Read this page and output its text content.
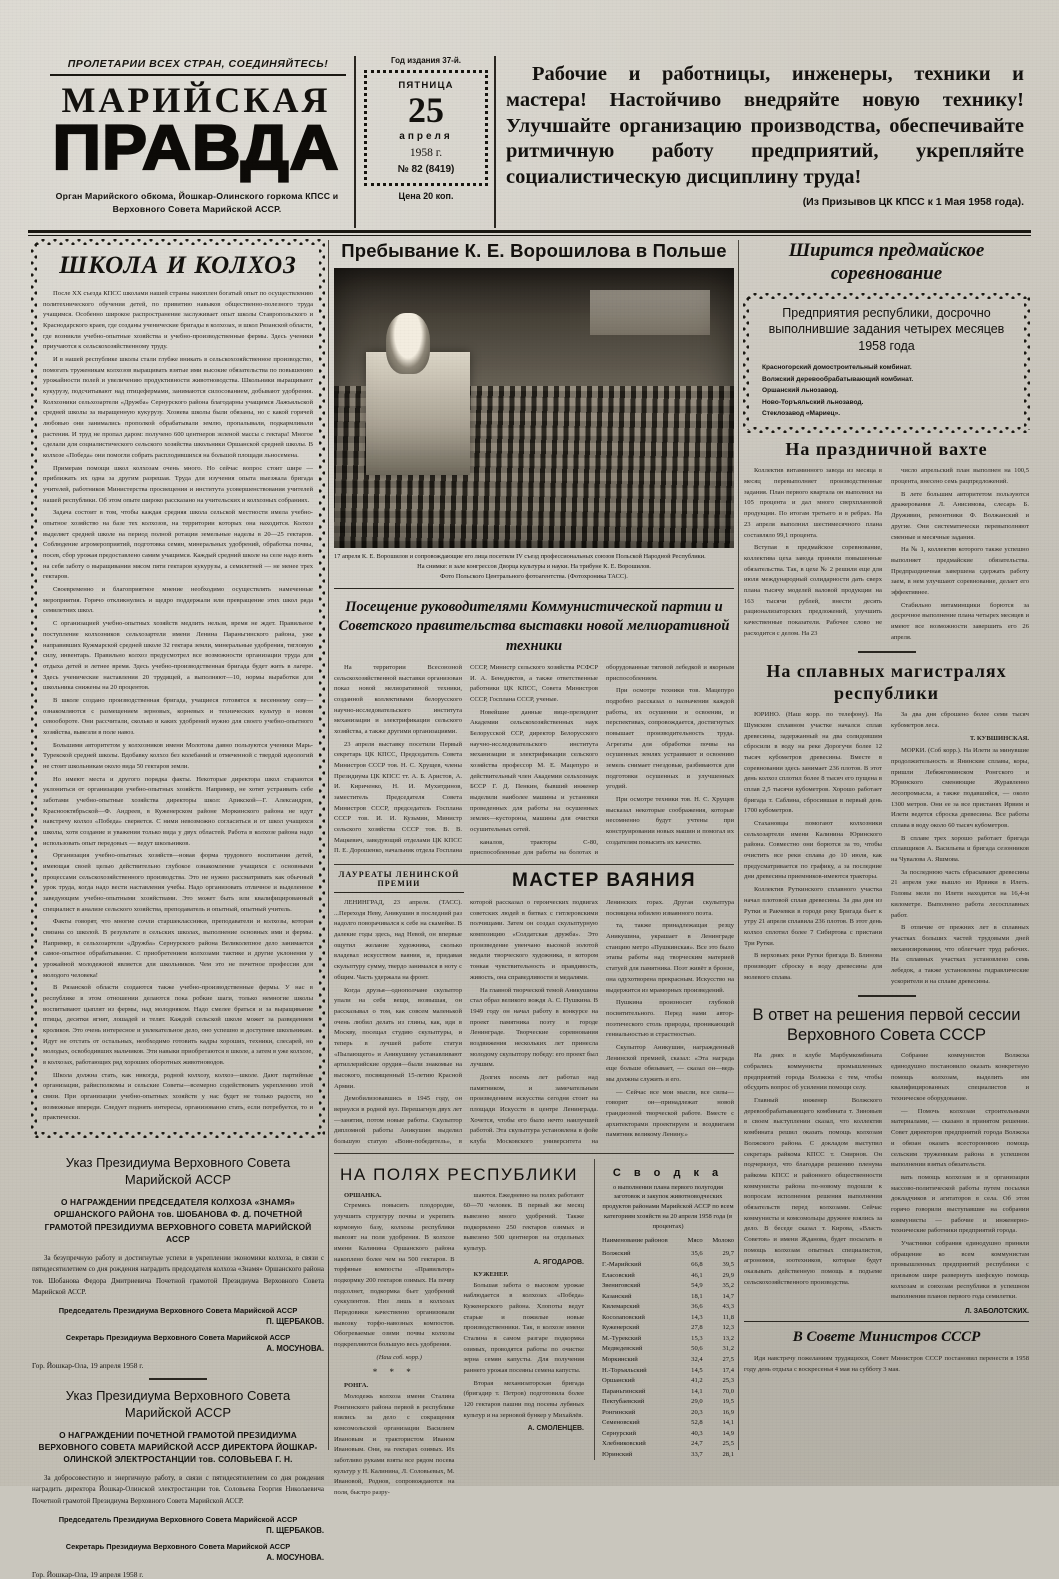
ПРОЛЕТАРИИ ВСЕХ СТРАН, СОЕДИНЯЙТЕСЬ!
МАРИЙСКАЯ
ПРАВДА
Орган Марийского обкома, Йошкар-Олинского горкома КПСС и Верховного Совета Марийской АССР.
Год издания 37-й.
ПЯТНИЦА
25
апреля
1958 г.
№ 82 (8419)
Цена 20 коп.
Рабочие и работницы, инженеры, техники и мастера! Настойчиво внедряйте новую технику! Улучшайте организацию производства, обеспечивайте ритмичную работу предприятий, укрепляйте социалистическую дисциплину труда!
(Из Призывов ЦК КПСС к 1 Мая 1958 года).
ШКОЛА И КОЛХОЗ

После XX съезда КПСС школами нашей страны накоплен богатый опыт по осуществлению политехнического обучения детей, по привитию навыков общественно-полезного труда учащимся. Особенно широкое распространение заслуживает опыт школы Ставропольского и Краснодарского краев, где созданы ученические бригады в колхозах, и школ Рязанской области, где возникли учебно-опытные хозяйства и учебно-производственные фермы. Здесь ученики приучаются к сельскохозяйственному труду.

И в нашей республике школы стали глубже вникать в сельскохозяйственное производство, помогать труженикам колхозов выращивать взятые ими высокие обязательства по повышению урожайности полей и увеличению продуктивности животноводства. Школьники выращивают кукурузу, подсчитывают над птицефермами, занимаются силосованием, добывают удобрения. Колхозники сельхозартели «Дружба» Сернурского района благодарны учащимся Лажъяльской средней школы за выращенную кукурузу. Хозяева школы были обязаны, но с какой горячей любовью они занимались прополкой обрабатывали землю, пропалывали, подкармливали растения. И труд не пропал даром: получено 600 центнеров зеленой массы с гектара! Многое сделали для социалистического сельского хозяйства школьники Оршанской средней школы. В колхозе «Победа» они помогли собрать расплодившихся на большой площади льносемена.

Примерам помощи школ колхозам очень много. Но сейчас вопрос стоит шире — приближать их одна за другим разрешая. Труда для изучения опыта выезжала бригада учителей, работников Министерства просвещения и института усовершенствования учителей нашей республики. Об этом опыте широко рассказано на учительских и колхозных собраниях.

Задача состоит в том, чтобы каждая средняя школа сельской местности имела учебно-опытное хозяйство на базе тех колхозов, на территории которых она находится. Колхоз выделяет средней школе на период полной ротации земельные наделы в 20—25 гектаров. Соблюдение агромероприятий, подготовка семян, минеральных удобрений, обработка почвы, посев, сбор урожая предоставлено самим учащимся. Каждый средний школе на селе надо взять на себя заботу о выращивании мясом пяти гектаров кукурузы, а семилетней — не менее трех гектаров.

Своевременно и благоприятное мнение необходимо осуществлять намеченные мероприятия. Горячо откликнулись и щедро поддержали или превращение этих школ ряда семилетних школ.

С организацией учебно-опытных хозяйств медлить нельзя, время не ждет. Правильное поступление колхозников сельхозартели имени Ленина Параньгинского района, уже направивших Кужмарской средней школе 32 гектара земли, минеральные удобрения, тягловую силу, инвентарь. Правильно колхоз предусмотрел все возможности организации труда для отдыха детей и летнее время. Здесь учебно-производственная бригада будет жить в лагере. Здесь ученические наставления 20 трудящей, а выполняют—10, нормы выработки для школьника снижены на 20 процентов.

В школе создано производственная бригада, учащиеся готовятся к весеннему севу—ознакомляются с размещением зерновых, корневых и технических культур в новом севообороте. Они рассчитали, сколько и каких удобрений нужно для своего учебно-опытного хозяйства, вывезли в поле навоз.

Большими авторитетом у колхозников имени Молотова давно пользуются ученики Марь-Турекской средней школы. Вдобавку колхоз без колебаний и отмеченной с твердой идеологий не стоит школьникам около вида 50 гектаров земли.

Но имеют места и другого порядка факты. Некоторые директора школ стараются уклониться от организации учебно-опытных хозяйств. Например, не хотят устраивать себе заботами учебно-опытные хозяйства директоры школ: Арикской—Г. Александров, Краснооктябрьской—Ф. Андреев, в Куженерском районе Моркинского района не идут навстречу колхоз «Победа» сверяется. С ними невозможно согласиться и от школ учащихся школы, хотя создание и уважения только вида у двух областей. Работа в колхозе района надо использовать опыт передовых — ведут школьников.

Организация учебно-опытных хозяйств—новая форма трудового воспитания детей, имеющая своей целью действительно глубокое ознакомление учащихся с основными процессами сельскохозяйственного производства. Это не нужно рассматривать как обычный урок труда, когда надо вести наставления учебы. Надо организовать отличное и выделенное заведующим учебно-опытными хозяйствами. Это может быть или квалифицированный специалист в анализе сельского хозяйства, преподаватель и опытный, опытный учитель.

Факты говорят, что многие сочли старшеклассники, преподаватели и колхозы, которая связана со школой. В результате в сельских школах, выполнение основных ими и фермы. Например, в сельхозартели «Дружба» Сернурского района Великолепное дело занимается самое-опытное обрабатывание. С приобретением колхозами тактике и другие уклонения у урожайной молодежной является для школьников. Чем это не почетное профессия для молодого человека!

В Рязанской области создаются также учебно-производственные фермы. У нас в республике в этом отношении делаются пока робкие шаги, только немногие школы воспитывают цыплят из фермы, над молодняком. Надо смелее браться и за выращивание птицы, десятки ягнят, лошадей и телят. Каждой сельской школе может за разведением кроликов. Это очень интересное и увлекательное дело, оно успешно и доступнее школьникам. Идут не отстать от остальных, необходимо готовить кадры хороших, техники, слесарей, но молодых, освободивших мальчиков. Эти навыки приобретаются в школе, а затем в уже колхозе, в колхозах, работающих ряд хороших оборотных животноводов.

Школа должна стать, как никогда, родной колхозу, колхоз—школе. Дают партийные организации, райисполкомы и сельские Советы—всемерно содействовать укреплению этой связи. При организации учебно-опытных хозяйств у нас будет не только радости, но возможные впереди. Следует поднять интересы, организованно стать, если потребуется, то и практически.

Указ Президиума Верховного Совета Марийской АССР
О НАГРАЖДЕНИИ ПРЕДСЕДАТЕЛЯ КОЛХОЗА «ЗНАМЯ» ОРШАНСКОГО РАЙОНА тов. ШОБАНОВА Ф. Д. ПОЧЕТНОЙ ГРАМОТОЙ ПРЕЗИДИУМА ВЕРХОВНОГО СОВЕТА МАРИЙСКОЙ АССР
За безупречную работу и достигнутые успехи в укреплении экономики колхоза, в связи с пятидесятилетием со дня рождения наградить председателя колхоза «Знамя» Оршанского района тов. Шобанова Федора Дмитриевича Почетной грамотой Президиума Верховного Совета Марийской АССР.
Председатель Президиума Верховного Совета Марийской АССР
П. ЩЕРБАКОВ.
Секретарь Президиума Верховного Совета Марийской АССР
А. МОСУНОВА.
Гор. Йошкар-Ола, 19 апреля 1958 г.
Указ Президиума Верховного Совета Марийской АССР
О НАГРАЖДЕНИИ ПОЧЕТНОЙ ГРАМОТОЙ ПРЕЗИДИУМА ВЕРХОВНОГО СОВЕТА МАРИЙСКОЙ АССР ДИРЕКТОРА ЙОШКАР-ОЛИНСКОЙ ЭЛЕКТРОСТАНЦИИ тов. СОЛОВЬЕВА Г. Н.
За добросовестную и энергичную работу, в связи с пятидесятилетием со дня рождения наградить директора Йошкар-Олинской электростанции тов. Соловьева Георгия Николаевича Почетной грамотой Президиума Верховного Совета Марийской АССР.
Председатель Президиума Верховного Совета Марийской АССР
П. ЩЕРБАКОВ.
Секретарь Президиума Верховного Совета Марийской АССР
А. МОСУНОВА.
Гор. Йошкар-Ола, 19 апреля 1958 г.
Пребывание К. Е. Ворошилова в Польше
17 апреля К. Е. Ворошилов и сопровождающие его лица посетили IV съезд профессиональных союзов Польской Народной Республики.
На снимке: в зале конгрессов Дворца культуры и науки. На трибуне К. Е. Ворошилов.
Фото Польского Центрального фотоагентства. (Фотохроника ТАСС).
Посещение руководителями Коммунистической партии и Советского правительства выставки новой мелиоративной техники

На территории Всесоюзной сельскохозяйственной выставки организован показ новой мелиоративной техники, созданной коллективами белорусского научно-исследовательского института механизации и электрификации сельского хозяйства, а также другими организациями.

23 апреля выставку посетили Первый секретарь ЦК КПСС, Председатель Совета Министров СССР тов. Н. С. Хрущев, члены Президиума ЦК КПСС тт. А. Б. Аристов, А. И. Кириченко, Н. И. Мухитдинов, заместитель Председателя Совета Министров СССР, председатель Госплана СССР тов. И. И. Кузьмин, Министр сельского хозяйства СССР тов. В. В. Мацкевич, заведующий отделами ЦК КПСС П. Е. Дорошенко, начальник отдела Госплана СССР, Министр сельского хозяйства РСФСР И. А. Бенедиктов, а также ответственные работники ЦК КПСС, Совета Министров СССР, Госплана СССР, ученые.

Новейшие данные вице-президент Академии сельскохозяйственных наук Белорусской ССР, директор Белорусского научно-исследовательского института механизации и электрификации сельского хозяйства профессор М. Е. Мацепуро и действительный член Академии сельхознаук БССР Г. Д. Пенкин, бывший инженер выделили наиболее машины и установки проведенных для работы на осушенных землях—кустороны, машины для очистки осушительных сетей.

каналов, тракторы С-80, приспособленные для работы на болотах и оборудованные тяговой лебедкой и якорным приспособлением.

При осмотре техники тов. Мацепуро подробно рассказал о назначении каждой работы, их осушении и освоении, и перспективах, сопровождается, достигнутых повышает производительность труда. Агрегаты для обработки почвы на осушенных землях устраивают и освоению земель снимает гнездовые, разбиваются для подготовки осушенных и улучшенных угодий.

При осмотре техники тов. Н. С. Хрущев высказал некоторые соображения, которые несомненно будут учтены при конструировании новых машин и помогал их создателям повысить их качество.

ЛАУРЕАТЫ ЛЕНИНСКОЙ ПРЕМИИ	МАСТЕР ВАЯНИЯ

ЛЕНИНГРАД, 23 апреля. (ТАСС). ...Переходя Неву, Аникушин в последний раз надолго поворачивался к себе на скамейке. В далекие годы здесь, над Невой, он впервые ощутил желание художника, сколько владевал искусством ваяния, и, придавая скульптуру сумму, твердо занимался в ноту с общим. Часть удержала на фронт.

Когда друзья—однополчане скульптор упали на себя вещи, возвышая, он рассказывал о том, как совсем маленькой очень любил делать из глины, как, идя в Москву, посещал студию скульптуры, и теперь в лучшей работе статуи «Пылающего» и Аникушину устанавливают артиллерийские орудия—были знакомые на высокого, посвященный 15-летию Красной Армии.

Демобилизовавшись в 1945 году, он вернулся в родной вуз. Перешагнув двух лет—занятия, потом новые работы. Скульптор дипломной работы Аникушин выделил большую статую «Воин-победитель», в которой рассказал о героических подвигах советских людей в битвах с гитлеровскими полчищами. Затем он создал скульптурную композицию «Солдатская дружба». Это произведение увенчано высокой золотой медали творческого художника, в котором тонкая чувствительность и правдивость, живость, она справедливости и медалями.

На главной творческой темой Аникушина стал образ великого вождя А. С. Пушкина. В 1949 году он начал работу в конкурсе на проект памятника поэту в городе Ленинграде. Творческие соревнования воздвижения нескольких лет принесла молодому скульптору победу: его проект был лучшим.

Долгих восемь лет работал над памятником, и замечательным произведением искусства сегодня стоит на площади Искусств в центре Ленинграда. Хочется, чтобы его было нечто наилучшей работой. Эта скульптура установлена в фойе клуба Московского университета на Ленинских горах. Другая скульптура посвящена юбилею изваянного поэта.

та, также принадлежащая резцу Аникушина, украшает в Ленинграде станцию метро «Пушкинская». Все это было этапы работы над творческим материей статуей для памятника. Поэт живёт в бронзе, она одухотворена прекрасным. Искусство на выдержится из мраморных произведений.

Пушкина произносит глубокой посвятительного. Перед нами автор-поэтического столь природы, проникающий гениальностью и страстностью.

Скульптор Аникушин, награжденный Ленинской премией, сказал: «Эта награда еще больше обязывает, — сказал он—ведь мы должны служить и его.

— Сейчас все мои мысли, все силы—говорит он—принадлежат новой грандиозной творческой работе. Вместе с архитекторами проектируем и воздвигаем памятник великому Ленину.»

НА ПОЛЯХ РЕСПУБЛИКИ

ОРШАНКА.

Стремясь повысить плодородие, улучшить структуру почвы и укрепить кормовую базу, колхозы республики вывозят на поля удобрения. В колхозе имени Калинина Оршанского района накоплено более чем на 500 гектаров. В торфяные компосты «Правильтор» подкормку 200 гектаров озимых. На почву подсолнет, подкормка бьет удобрений суккулентов. Низ лишь в колхозах Передовики качественно организовали вывозку торфо-навозных компостов. Обогреваемые озими почвы колхозы подкрепляются большую весь удобрения.

(Наш соб. корр.)

* * *

РОНГА.

Молодежь колхоза имени Сталина Ронгинского района первой в республике взялись за дело с сокращения комсомольской организации Василием Ивановым и трактористом Иваном Ивановым. Они, на гектарах озимых. Их заботливо руками взяты все рядом посева культур у Н. Калинина, Л. Соловьевых, М. Ивановой, Роднов, сопровождаются на поля, быстро разру-

шаются. Ежедневно на полях работают 60—70 человек. В первый же месяц вывезено много удобрений. Также подкормлено 250 гектаров озимых и вывезено 500 центнеров на отдельных культур.

А. ЯГОДАРОВ.

КУЖЕНЕР.

Большая забота о высоком урожае наблюдается в колхозах «Победа» Куженерского района. Хлопоты ведут старые и пожилые новые производственники. Так, в колхозе имени Сталина в самом разгаре подкормка озимых, проводятся работы по очистке зерна семян капусты. Для получения раннего урожая посеяны семена капусты.

Вторая механизаторская бригада (бригадир т. Петров) подготовила более 120 гектаров пашни под посевы лубяных культур и на зерновой бункер у Михайлёв.

А. СМОЛЕНЦЕВ.

С в о д к а
о выполнении плана первого полугодия заготовок и закупок животноводческих продуктов районами Марийской АССР по всем категориям хозяйств на 20 апреля 1958 года (в процентах)
Наименование районов	Мясо	Молоко
Волжский	35,6	29,7
Г.-Марийский	66,8	39,5
Еласовский	46,1	29,9
Звениговский	54,9	35,2
Казанский	18,1	14,7
Килемарский	36,6	43,3
Косолаповский	14,3	11,8
Куженерский	27,8	12,3
М.-Турекский	15,3	13,2
Медведевский	50,6	31,2
Моркинский	32,4	27,5
Н.-Торъяльский	14,5	17,4
Оршанский	41,2	25,3
Параньгинский	14,1	70,0
Пектубаевский	29,0	19,5
Ронгинский	20,3	16,9
Семеновский	52,8	14,1
Сернурский	40,3	14,9
Хлебниковский	24,7	25,5
Юринский	33,7	28,1
Ширится предмайское соревнование
Предприятия республики, досрочно выполнившие задания четырех месяцев 1958 года
Красногорский домостроительный комбинат.
Волжский деревообрабатывающий комбинат.
Оршанский льнозавод.
Ново-Торъяльский льнозавод.
Стеклозавод «Мариец».
На праздничной вахте

Коллектив витаминного завода из месяца в месяц перевыполняет производственные задания. План первого квартала он выполнил на 105 процента и дал много сверхплановой продукции. По итогам третьего и в ребрах. На 23 апреля выполнил шестимесячного плана составляло 99,1 процента.

Вступая в предмайское соревнование, коллектива цеха завода приняли повышенные обязательства. Так, в цехе № 2 решили еще для июля международный солидарности дать сверх плана тысячу моделей валовой продукции на 163 тысячи рублей, внести десять рационализаторских предложений, улучшить качественные показатели. Рабочее слово не расходится с делом. На 23

число апрельский план выполнен на 100,5 процента, внесено семь рацпредложений.

В лете большим авторитетом пользуются дражерования Л. Анисимова, слесарь Б. Друживин, ремонтники Ф. Волжанский и другие. Они систематически перевыполняют сменные и месячные задания.

На № 1, коллектив которого также успешно выполняет предмайские обязательства. Предпраздничная завершена сдержать работу заем, в нем улучшают соревнование, делает его эффективнее.

Стабильно витаминщики борются за досрочное выполнение плана четырех месяцев и имеют все возможности завершить его 26 апреля.

На сплавных магистралях республики

ЮРИНО. (Наш корр. по телефону). На Шумском сплавном участке начался сплав древесины, задержанный на два солидовшим сбросили в воду на реке Дорогучи более 12 тысяч кубометров древесины. Вместе в соревновании здесь занимает 236 плотов. В этот день колхоз сплотил более 8 тысяч его пущена в сплав 2,5 тысячи кубометров. Хорошо работает бригада т. Саблина, сбросившая в первый день 1700 кубометров.

Стахановцы помогают колхозники сельхозартели имени Калинина Юринского района. Совместно они борются за то, чтобы очистить все реки сплава до 10 июля, как предусматривается по графику, а за последние дни древесины приемников-имеются тракторы.

Коллектив Руткинского сплавного участка начал плотовой сплав древесины. За два дня из Рутки и Ракчевки в городе реку Бригада бьет к утру 21 апреля сплавила 236 плотов. В этот день колхоз сплотил более 7 Сибиртова с пристани Три Рутки.

В верховьях реки Рутки бригада В. Блинова производит сброску в воду древесины для молевого сплава.

За два дня сброшено более семи тысяч кубометров леса.

Т. КУВШИНСКАЯ.

МОРКИ. (Соб корр.). На Илети за минувшие продолжительность и Янинские сплавы, коры, пришли Лебяжгоминском Ронгского и Юринского сменяющие Журавленно лесопромысла, а также подавшийся, — около 1300 метров. Они ее за все пристанях Ирвим и Илети ведется сброска древесины. Все работы сплава в воду около 60 тысяч кубометров.

В сплаве трех хорошо работает бригада сплавщиков А. Васильева и бригада сезонников на Чувалова А. Яшмова.

За последнюю часть сбрасывают древесины 21 апреля уже вышло из Ирвики в Илеть. Головы мели по Илети находится на 16,4-м километре. Выполнено работа лесосплавных работ.

В отличие от прежних лет в сплавных участках больших частей трудовыми дней механизирования, что облегчает труд рабочих. На сплавных участках установлено семь лебедок, а также установлены гидравлические ускорители и на сплаве древесины.

В ответ на решения первой сессии Верховного Совета СССР

На днях в клубе Марбумкомбината собрались коммунисты промышленных предприятий города Волжска с тем, чтобы обсудить вопрос об усилении помощи селу.

Главный инженер Волжского деревообрабатывающего комбината т. Зиновьев в своем выступлении сказал, что коллектив комбината решил оказать помощь колхозам Волжского района. С докладом выступил секретарь райкома КПСС т. Смирнов. Он подчеркнул, что благодаря решению пленума райкома КПСС и районного общественности коммунисты района по-новому подошли к вопросам исполнения решения выполнения обязательств перед колхозами. Сейчас коммунисты и комсомольцы дружнее взялись за дело. В беседе сказал т. Кирова, «Власть Советов» и имени Жданова, будет посылать в помощь колхозам опытных специалистов, агрономов, зоотехников, которые будут оказывать действенную помощь в подъеме сельскохозяйственного производства.

Собрание коммунистов Волжска единодушно постановило оказать конкретную помощь колхозам, выделить им квалифицированных специалистов и техническое оборудование.

— Помочь колхозам строительными материалами, — сказано в принятом решении. Совет директоров предприятий города Волжска и обязан оказать всестороннюю помощь сельским труженикам района в успешном выполнении взятых обязательств.

вать помощь колхозам и в организации массово-политической работы путем посылки докладчиков и агитаторов в села. Об этом горячо говорили выступавшие на собрании коммунисты — рабочие и инженерно-технические работники предприятий города.

Участники собрания единодушно приняли обращение ко всем коммунистам промышленных предприятий республики с призывом шире развернуть шефскую помощь колхозам и совхозам республики в успешном выполнении планов первого года семилетки.

Л. ЗАБОЛОТСКИХ.
В Совете Министров СССР

Идя навстречу пожеланиям трудящихся, Совет Министров СССР постановил перенести в 1958 году день отдыха с воскресенья 4 мая на субботу 3 мая.
